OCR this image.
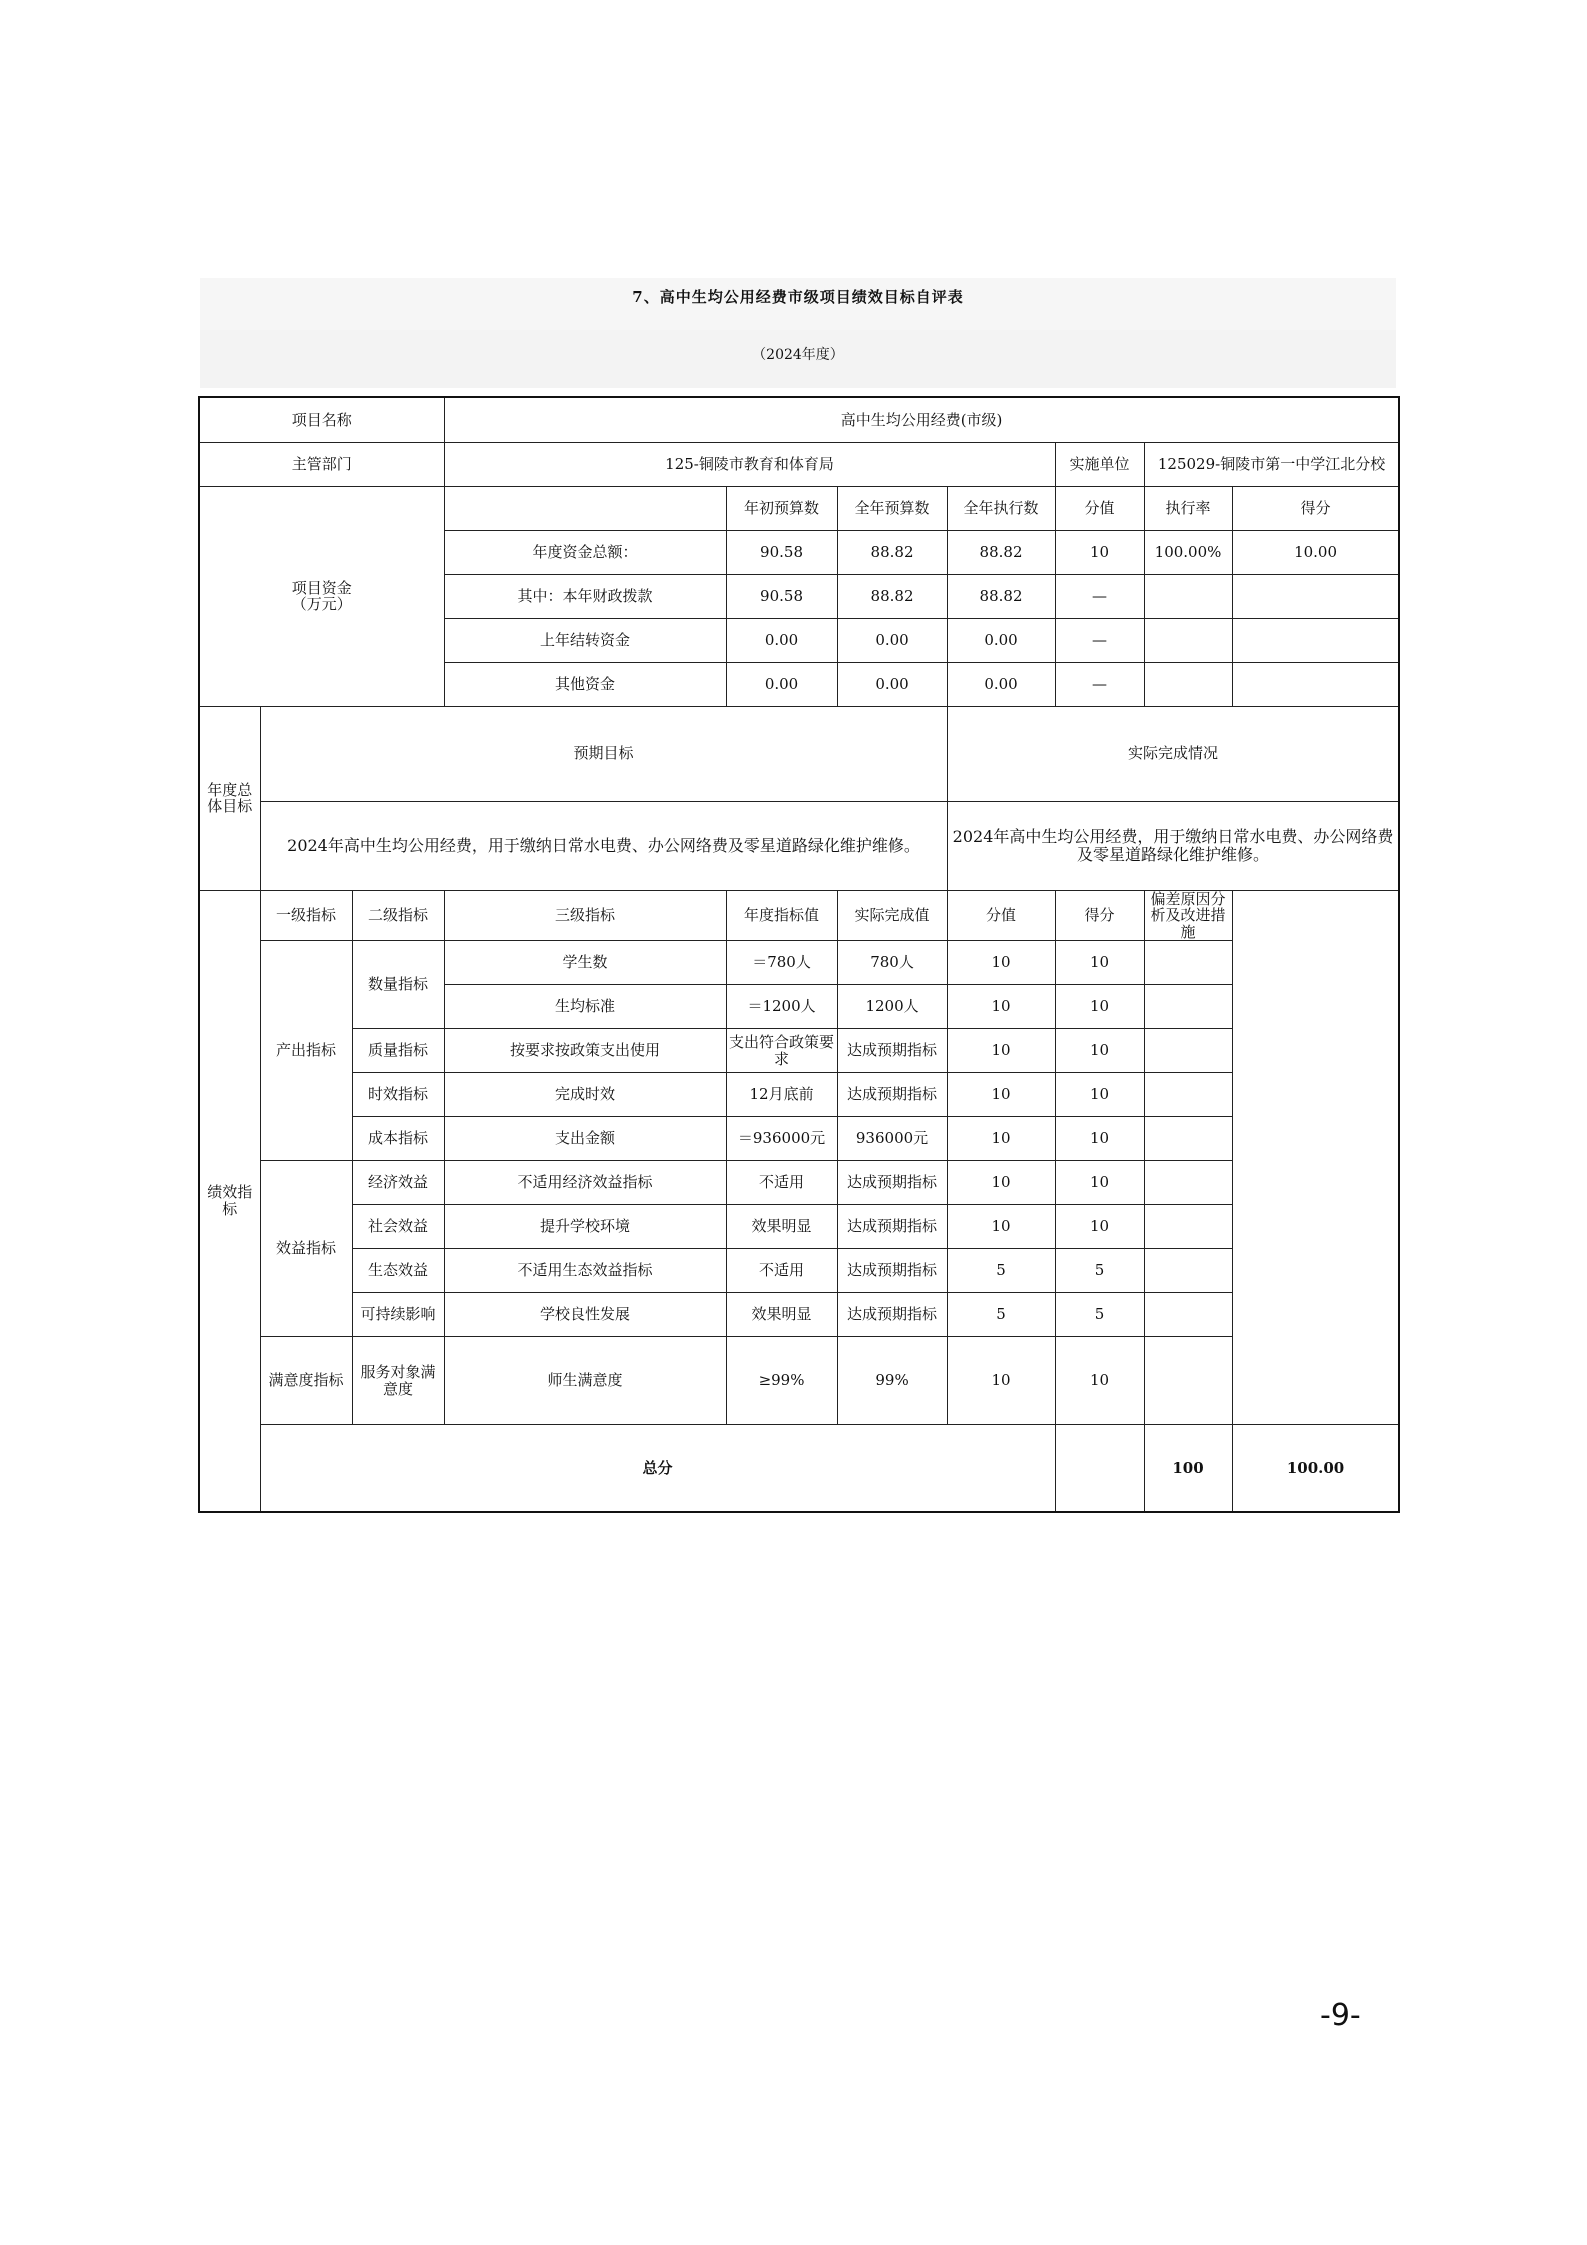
7、高中生均公用经费市级项目绩效目标自评表
（2024年度）
项目名称			高中生均公用经费(市级)							
主管部门			125-铜陵市教育和体育局				实施单位	125029-铜陵市第一中学江北分校		
项目资金
（万元）				年初预算数	全年预算数	全年执行数	分值	执行率	得分	
			年度资金总额：	90.58	88.82	88.82	10	100.00%	10.00	
			其中：本年财政拨款	90.58	88.82	88.82	—			
			上年结转资金	0.00	0.00	0.00	—			
			其他资金	0.00	0.00	0.00	—			
年度总体目标	预期目标					实际完成情况				
	2024年高中生均公用经费，用于缴纳日常水电费、办公网络费及零星道路绿化维护维修。					2024年高中生均公用经费，用于缴纳日常水电费、办公网络费及零星道路绿化维护维修。				
绩效指标	一级指标	二级指标	三级指标	年度指标值	实际完成值	分值	得分	偏差原因分析及改进措施		
	产出指标	数量指标	学生数	＝780人	780人	10	10			
			生均标准	＝1200人	1200人	10	10			
		质量指标	按要求按政策支出使用	支出符合政策要求	达成预期指标	10	10			
		时效指标	完成时效	12月底前	达成预期指标	10	10			
		成本指标	支出金额	＝936000元	936000元	10	10			
	效益指标	经济效益	不适用经济效益指标	不适用	达成预期指标	10	10			
		社会效益	提升学校环境	效果明显	达成预期指标	10	10			
		生态效益	不适用生态效益指标	不适用	达成预期指标	5	5			
		可持续影响	学校良性发展	效果明显	达成预期指标	5	5			
	满意度指标	服务对象满意度	师生满意度	≥99%	99%	10	10			
	总分							100	100.00	
-9-
